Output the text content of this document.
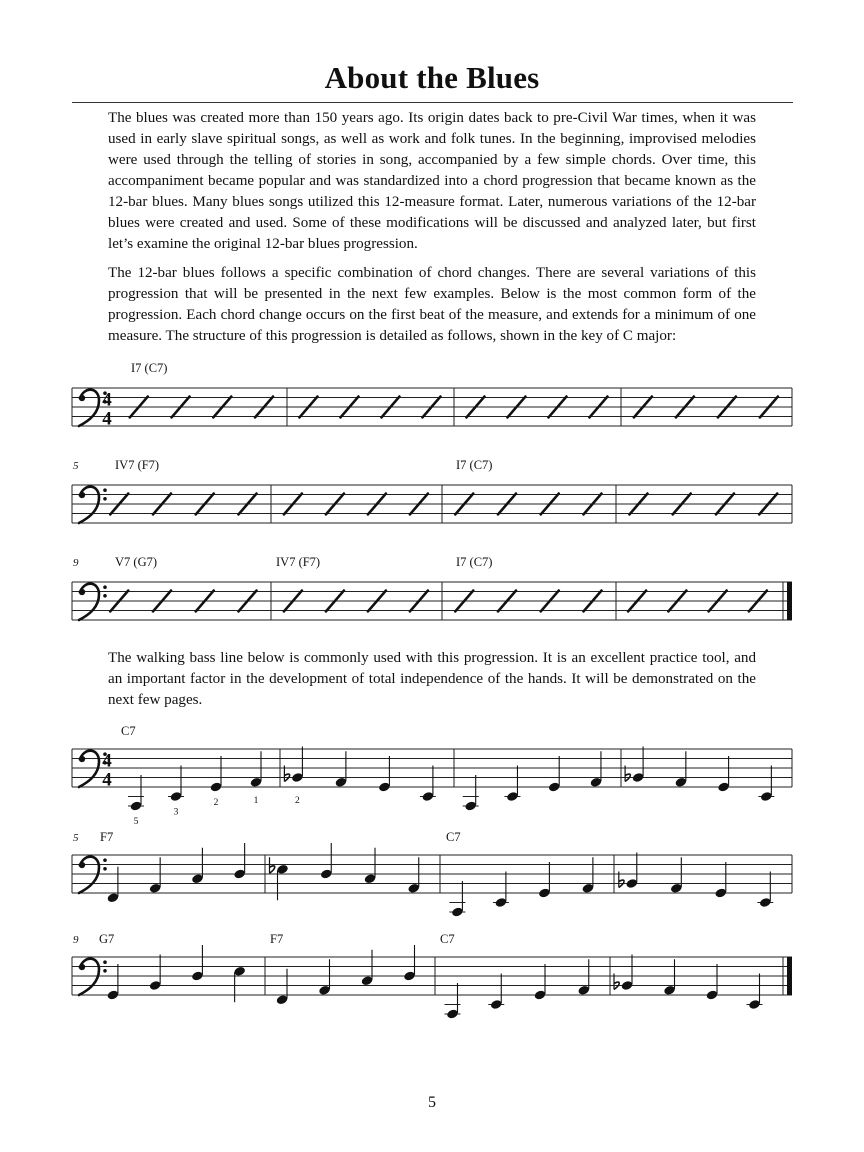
About the Blues

The blues was created more than 150 years ago. Its origin dates back to pre-Civil War times, when it was used in early slave spiritual songs, as well as work and folk tunes. In the beginning, improvised melodies were used through the telling of stories in song, accompanied by a few simple chords. Over time, this accompaniment became popular and was standardized into a chord progression that became known as the 12-bar blues. Many blues songs utilized this 12-measure format. Later, numerous variations of the 12-bar blues were created and used. Some of these modifications will be discussed and analyzed later, but first let’s examine the original 12-bar blues progression.

The 12-bar blues follows a specific combination of chord changes. There are several variations of this progression that will be presented in the next few examples. Below is the most common form of the progression. Each chord change occurs on the first beat of the measure, and extends for a minimum of one measure. The structure of this progression is detailed as follows, shown in the key of C major:

The walking bass line below is commonly used with this progression. It is an excellent practice tool, and an important factor in the development of total independence of the hands. It will be demonstrated on the next few pages.

4
4
I7 (C7)
5	IV7 (F7)	I7 (C7)
9	V7 (G7)	IV7 (F7)	I7 (C7)
4
4
5
3
2	1	2
C7
5 F7	C7
9 G7	F7	C7
5
